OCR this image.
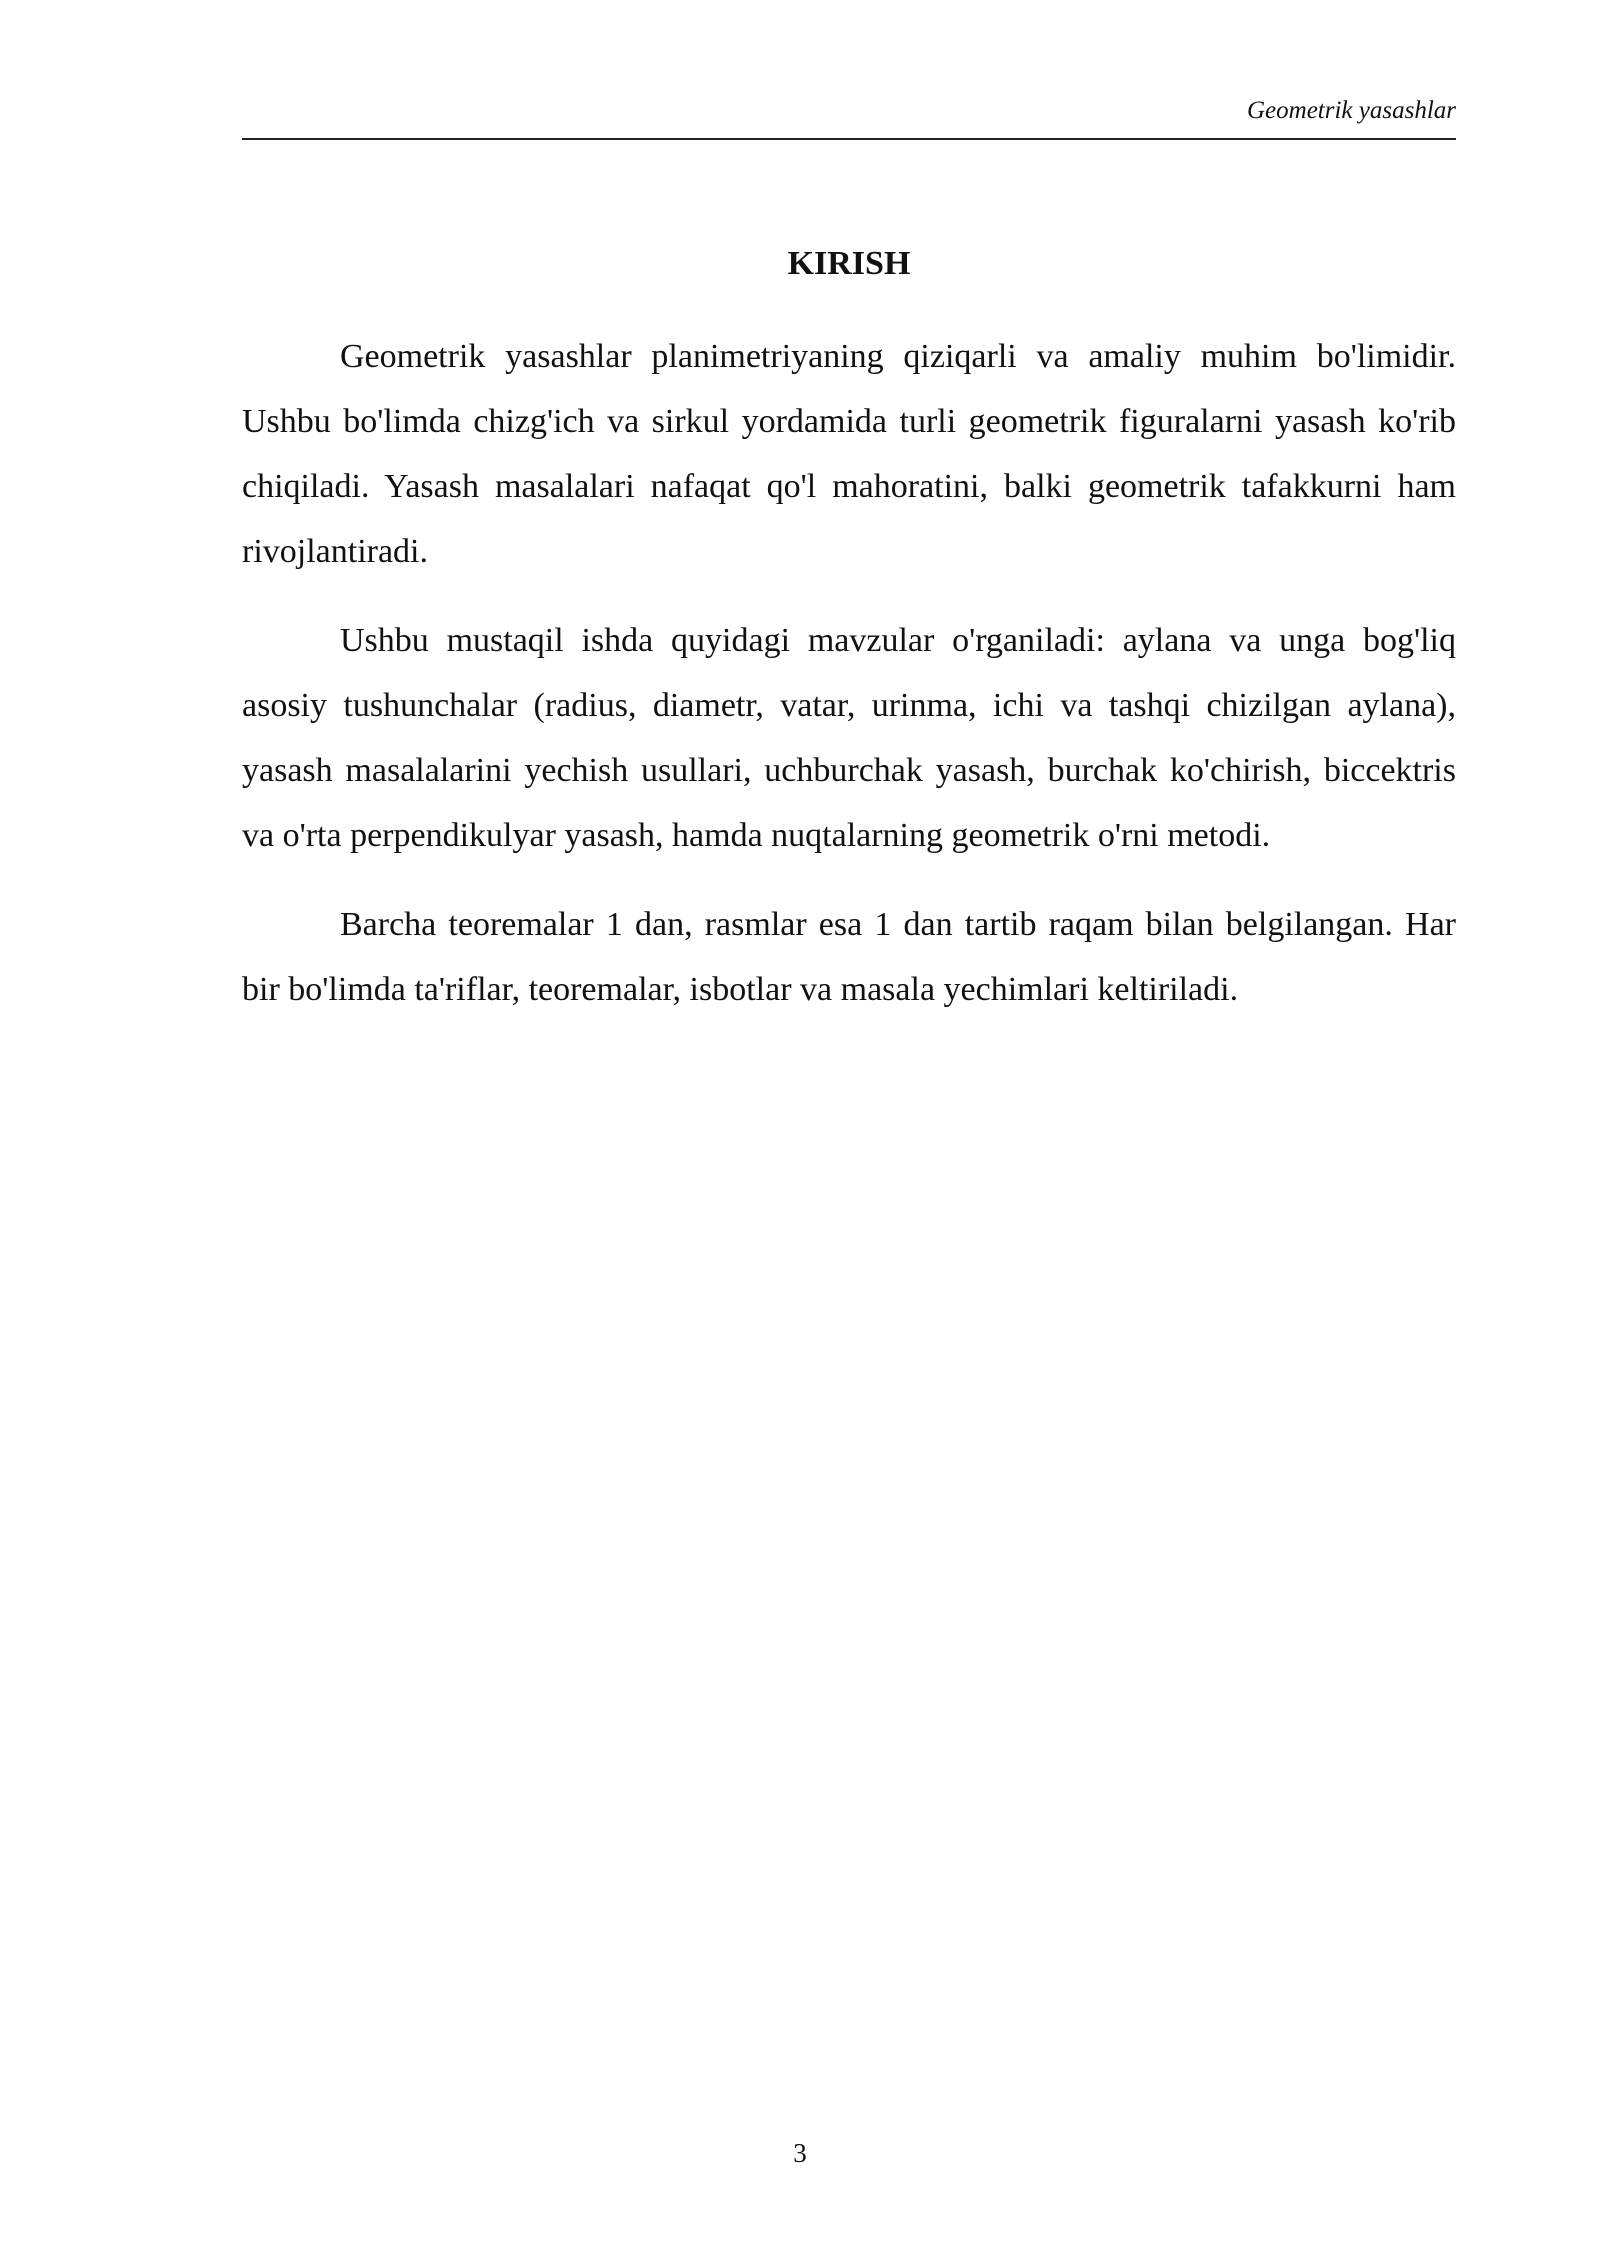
Geometrik yasashlar
KIRISH

Geometrik yasashlar planimetriyaning qiziqarli va amaliy muhim bo'limidir. Ushbu bo'limda chizg'ich va sirkul yordamida turli geometrik figuralarni yasash ko'rib chiqiladi. Yasash masalalari nafaqat qo'l mahoratini, balki geometrik tafakkurni ham rivojlantiradi.

Ushbu mustaqil ishda quyidagi mavzular o'rganiladi: aylana va unga bog'liq asosiy tushunchalar (radius, diametr, vatar, urinma, ichi va tashqi chizilgan aylana), yasash masalalarini yechish usullari, uchburchak yasash, burchak ko'chirish, biccektris va o'rta perpendikulyar yasash, hamda nuqtalarning geometrik o'rni metodi.

Barcha teoremalar 1 dan, rasmlar esa 1 dan tartib raqam bilan belgilangan. Har bir bo'limda ta'riflar, teoremalar, isbotlar va masala yechimlari keltiriladi.

3
